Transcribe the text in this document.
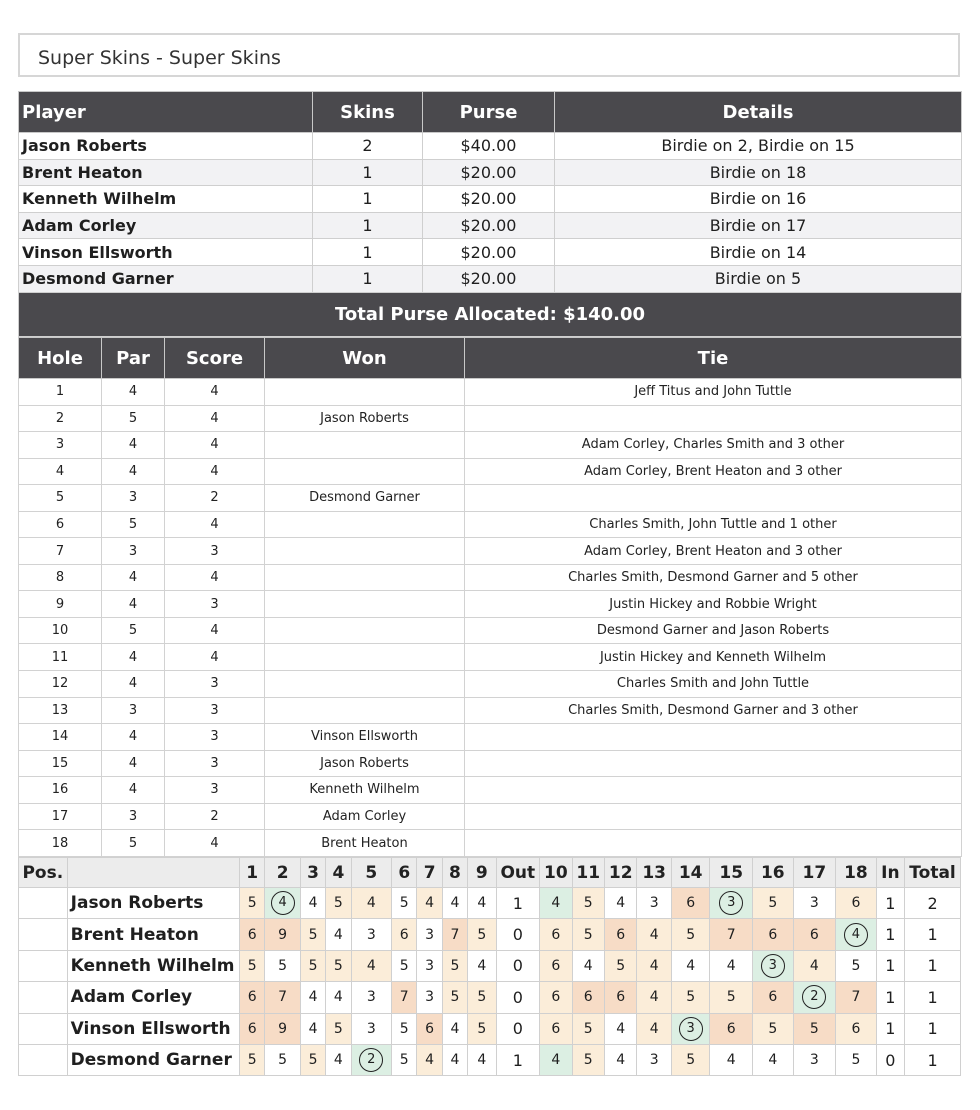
Super Skins - Super Skins
Player	Skins	Purse	Details
Jason Roberts	2	$40.00	Birdie on 2, Birdie on 15
Brent Heaton	1	$20.00	Birdie on 18
Kenneth Wilhelm	1	$20.00	Birdie on 16
Adam Corley	1	$20.00	Birdie on 17
Vinson Ellsworth	1	$20.00	Birdie on 14
Desmond Garner	1	$20.00	Birdie on 5
Total Purse Allocated: $140.00			
Hole	Par	Score	Won	Tie
1	4	4		Jeff Titus and John Tuttle
2	5	4	Jason Roberts	
3	4	4		Adam Corley, Charles Smith and 3 other
4	4	4		Adam Corley, Brent Heaton and 3 other
5	3	2	Desmond Garner	
6	5	4		Charles Smith, John Tuttle and 1 other
7	3	3		Adam Corley, Brent Heaton and 3 other
8	4	4		Charles Smith, Desmond Garner and 5 other
9	4	3		Justin Hickey and Robbie Wright
10	5	4		Desmond Garner and Jason Roberts
11	4	4		Justin Hickey and Kenneth Wilhelm
12	4	3		Charles Smith and John Tuttle
13	3	3		Charles Smith, Desmond Garner and 3 other
14	4	3	Vinson Ellsworth	
15	4	3	Jason Roberts	
16	4	3	Kenneth Wilhelm	
17	3	2	Adam Corley	
18	5	4	Brent Heaton	
Pos.		1	2	3	4	5	6	7	8	9	Out	10	11	12	13	14	15	16	17	18	In	Total
	Jason Roberts	5	4	4	5	4	5	4	4	4	1	4	5	4	3	6	3	5	3	6	1	2
	Brent Heaton	6	9	5	4	3	6	3	7	5	0	6	5	6	4	5	7	6	6	4	1	1
	Kenneth Wilhelm	5	5	5	5	4	5	3	5	4	0	6	4	5	4	4	4	3	4	5	1	1
	Adam Corley	6	7	4	4	3	7	3	5	5	0	6	6	6	4	5	5	6	2	7	1	1
	Vinson Ellsworth	6	9	4	5	3	5	6	4	5	0	6	5	4	4	3	6	5	5	6	1	1
	Desmond Garner	5	5	5	4	2	5	4	4	4	1	4	5	4	3	5	4	4	3	5	0	1
